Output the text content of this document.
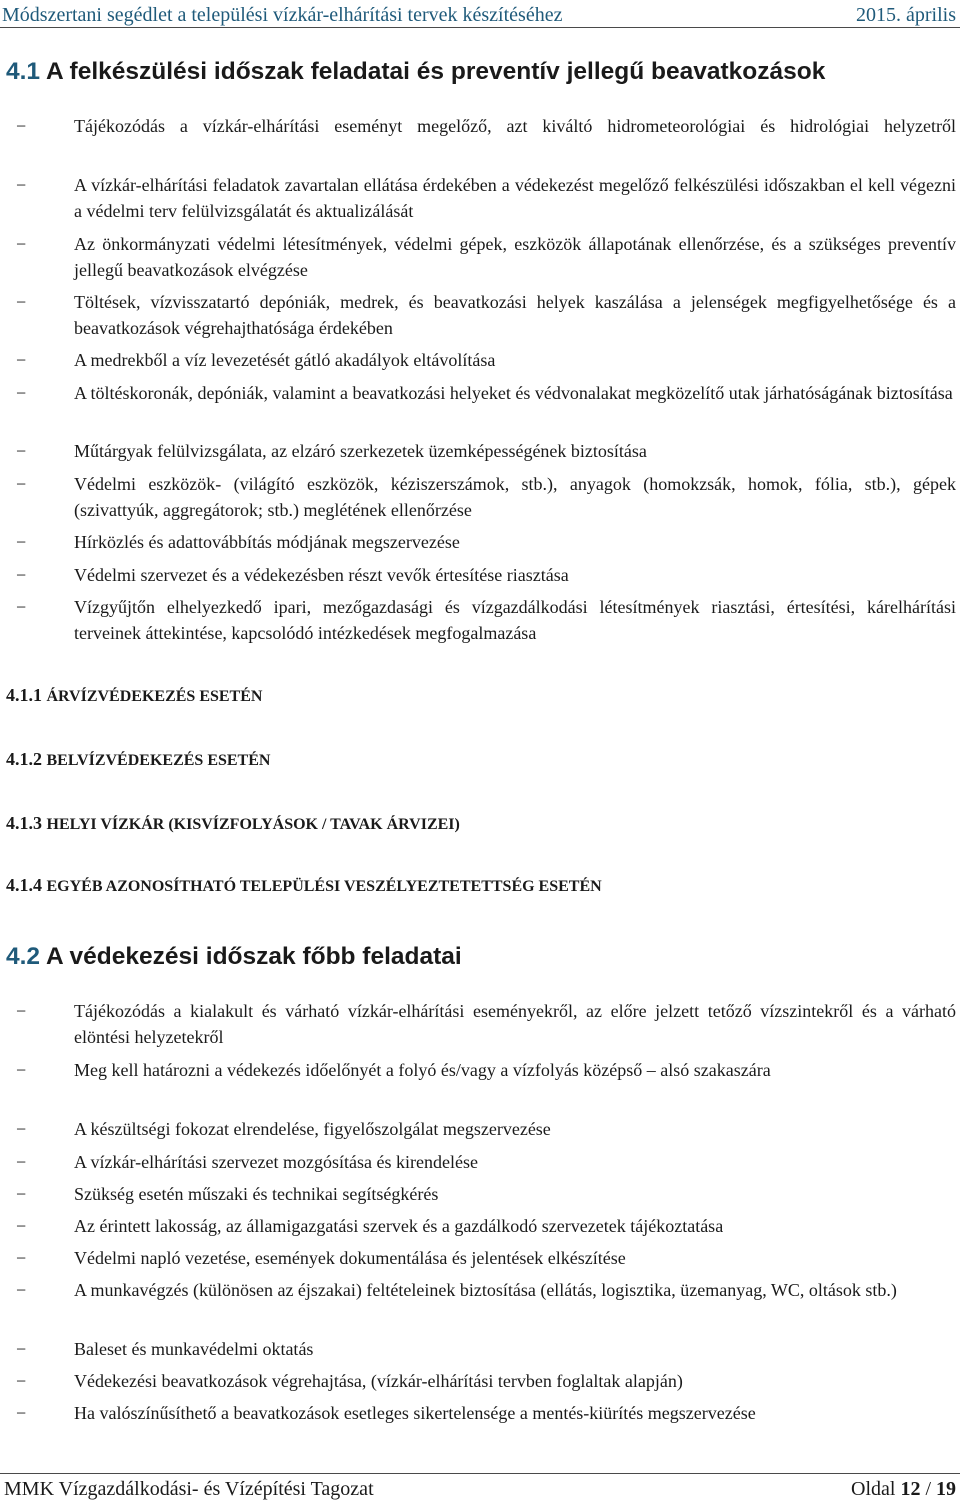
Módszertani segédlet a települési vízkár-elhárítási tervek készítéséhez	2015. április
4.1 A felkészülési időszak feladatai és preventív jellegű beavatkozások
−	Tájékozódás a vízkár-elhárítási eseményt megelőző, azt kiváltó hidrometeorológiai és hidrológiai helyzetről
−	A vízkár-elhárítási feladatok zavartalan ellátása érdekében a védekezést megelőző felkészülési időszakban el kell végezni a védelmi terv felülvizsgálatát és aktualizálását
−	Az önkormányzati védelmi létesítmények, védelmi gépek, eszközök állapotának ellenőrzése, és a szükséges preventív jellegű beavatkozások elvégzése
−	Töltések, vízvisszatartó depóniák, medrek, és beavatkozási helyek kaszálása a jelenségek megfigyelhetősége és a beavatkozások végrehajthatósága érdekében
−	A medrekből a víz levezetését gátló akadályok eltávolítása
−	A töltéskoronák, depóniák, valamint a beavatkozási helyeket és védvonalakat megközelítő utak járhatóságának biztosítása
−	Műtárgyak felülvizsgálata, az elzáró szerkezetek üzemképességének biztosítása
−	Védelmi eszközök- (világító eszközök, kéziszerszámok, stb.), anyagok (homokzsák, homok, fólia, stb.), gépek (szivattyúk, aggregátorok; stb.) meglétének ellenőrzése
−	Hírközlés és adattovábbítás módjának megszervezése
−	Védelmi szervezet és a védekezésben részt vevők értesítése riasztása
−	Vízgyűjtőn elhelyezkedő ipari, mezőgazdasági és vízgazdálkodási létesítmények riasztási, értesítési, kárelhárítási terveinek áttekintése, kapcsolódó intézkedések megfogalmazása
4.1.1 ÁRVÍZVÉDEKEZÉS ESETÉN
4.1.2 BELVÍZVÉDEKEZÉS ESETÉN
4.1.3 HELYI VÍZKÁR (KISVÍZFOLYÁSOK / TAVAK ÁRVIZEI)
4.1.4 EGYÉB AZONOSÍTHATÓ TELEPÜLÉSI VESZÉLYEZTETETTSÉG ESETÉN
4.2 A védekezési időszak főbb feladatai
−	Tájékozódás a kialakult és várható vízkár-elhárítási eseményekről, az előre jelzett tetőző vízszintekről és a várható elöntési helyzetekről
−	Meg kell határozni a védekezés időelőnyét a folyó és/vagy a vízfolyás középső – alsó szakaszára
−	A készültségi fokozat elrendelése, figyelőszolgálat megszervezése
−	A vízkár-elhárítási szervezet mozgósítása és kirendelése
−	Szükség esetén műszaki és technikai segítségkérés
−	Az érintett lakosság, az államigazgatási szervek és a gazdálkodó szervezetek tájékoztatása
−	Védelmi napló vezetése, események dokumentálása és jelentések elkészítése
−	A munkavégzés (különösen az éjszakai) feltételeinek biztosítása (ellátás, logisztika, üzemanyag, WC, oltások stb.)
−	Baleset és munkavédelmi oktatás
−	Védekezési beavatkozások végrehajtása, (vízkár-elhárítási tervben foglaltak alapján)
−	Ha valószínűsíthető a beavatkozások esetleges sikertelensége a mentés-kiürítés megszervezése
MMK Vízgazdálkodási- és Vízépítési Tagozat	Oldal 12 / 19
